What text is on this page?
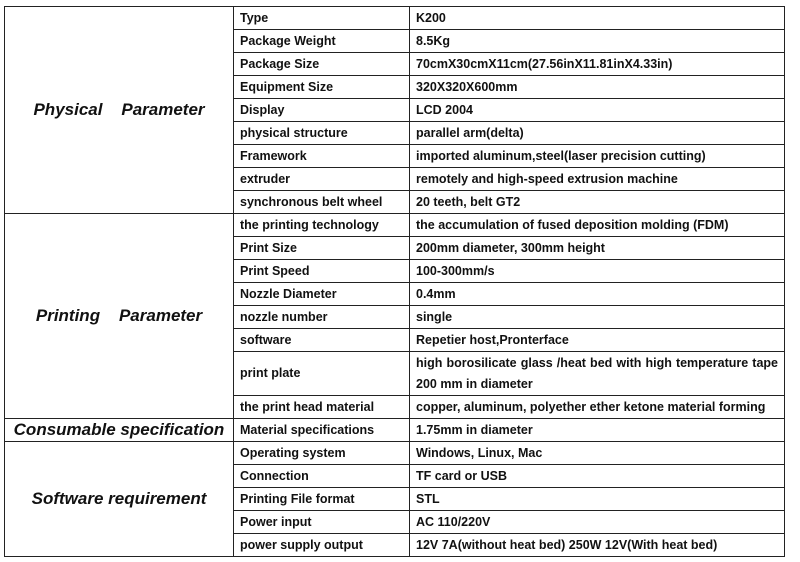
Physical    Parameter	Type	K200
	Package Weight	8.5Kg
	Package Size	70cmX30cmX11cm(27.56inX11.81inX4.33in)
	Equipment Size	320X320X600mm
	Display	LCD 2004
	physical structure	parallel arm(delta)
	Framework	imported aluminum,steel(laser precision cutting)
	extruder	remotely and high-speed extrusion machine
	synchronous belt wheel	20 teeth, belt GT2
Printing    Parameter	the printing technology	the accumulation of fused deposition molding (FDM)
	Print Size	200mm diameter, 300mm height
	Print Speed	100-300mm/s
	Nozzle Diameter	0.4mm
	nozzle number	single
	software	Repetier host,Pronterface
	print plate	high borosilicate glass /heat bed with high temperature tape 200 mm in diameter
	the print head material	copper, aluminum, polyether ether ketone material forming
Consumable specification	Material specifications	1.75mm in diameter
Software requirement	Operating system	Windows, Linux, Mac
	Connection	TF card or USB
	Printing File format	STL
	Power input	AC 110/220V
	power supply output	12V 7A(without heat bed) 250W 12V(With heat bed)
